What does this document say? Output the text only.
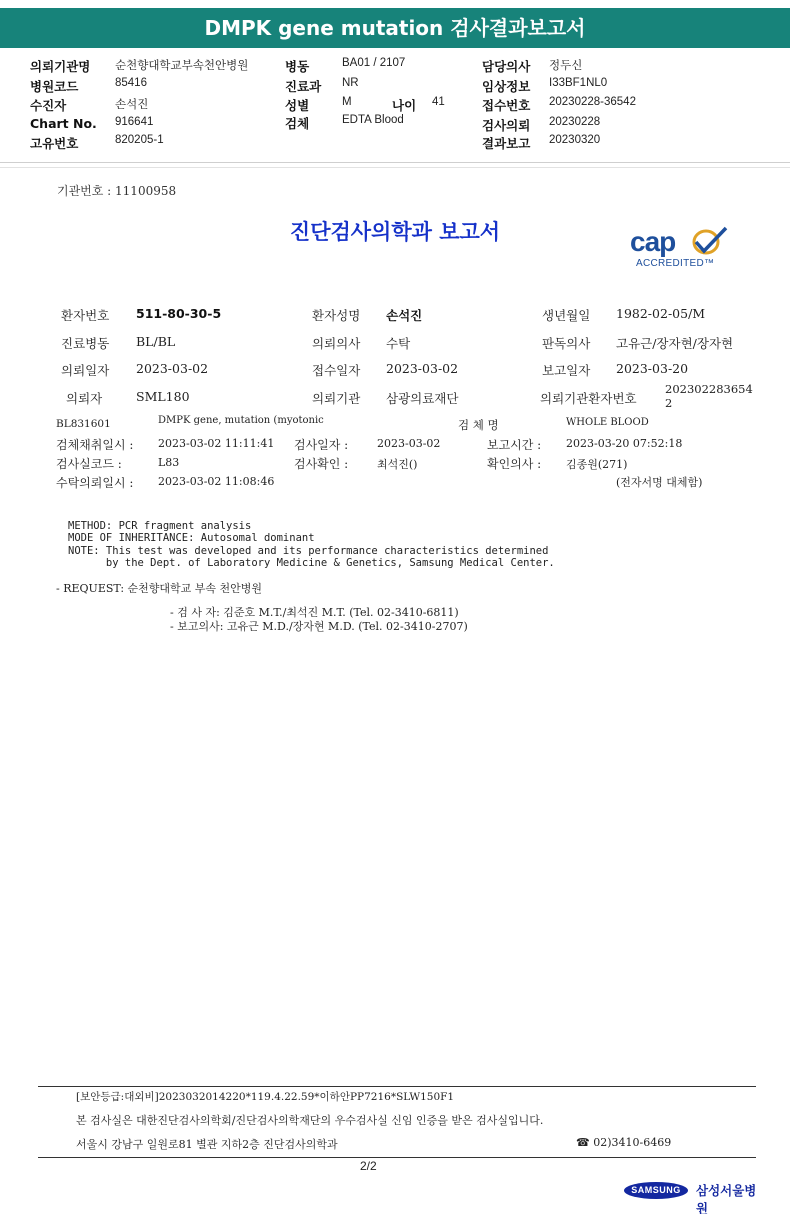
DMPK gene mutation 검사결과보고서
의뢰기관명 순천향대학교부속천안병원	병동	BA01 / 2107	담당의사 정두신
병원코드	85416	진료과 NR	임상정보 I33BF1NL0
수진자	손석진	성별	M	나이 41	접수번호 20230228-36542
Chart No. 916641	검체	EDTA Blood	검사의뢰 20230228
고유번호	820205-1	결과보고 20230320
기관번호 : 11100958
진단검사의학과 보고서	cap
ACCREDITED™
환자번호 511-80-30-5	환자성명 손석진	생년월일 1982-02-05/M
진료병동 BL/BL	의뢰의사 수탁	판독의사 고유근/장자현/장자현
의뢰일자 2023-03-02	접수일자 2023-03-02	보고일자 2023-03-20
의뢰자	SML180	의뢰기관 삼광의료재단	의뢰기관환자번호
202302283654
2
BL831601	DMPK gene, mutation (myotonic	검 체 명	WHOLE BLOOD
검체채취일시 : 2023-03-02 11:11:41 검사일자 :	2023-03-02	보고시간 : 2023-03-20 07:52:18
검사실코드 :	L83	검사확인 :	최석진()	확인의사 : 김종원(271)
수탁의뢰일시 : 2023-03-02 11:08:46	(전자서명 대체함)
METHOD: PCR fragment analysis
MODE OF INHERITANCE: Autosomal dominant
NOTE: This test was developed and its performance characteristics determined
by the Dept. of Laboratory Medicine & Genetics, Samsung Medical Center.
- REQUEST: 순천향대학교 부속 천안병원
- 검 사 자: 김준호 M.T./최석진 M.T. (Tel. 02-3410-6811)
- 보고의사: 고유근 M.D./장자현 M.D. (Tel. 02-3410-2707)
[보안등급:대외비]2023032014220*119.4.22.59*이하안PP7216*SLW150F1
본 검사실은 대한진단검사의학회/진단검사의학재단의 우수검사실 신임 인증을 받은 검사실입니다.
서울시 강남구 일원로81 별관 지하2층 진단검사의학과	☎ 02)3410-6469
2/2
SAMSUNG	삼성서울병원
